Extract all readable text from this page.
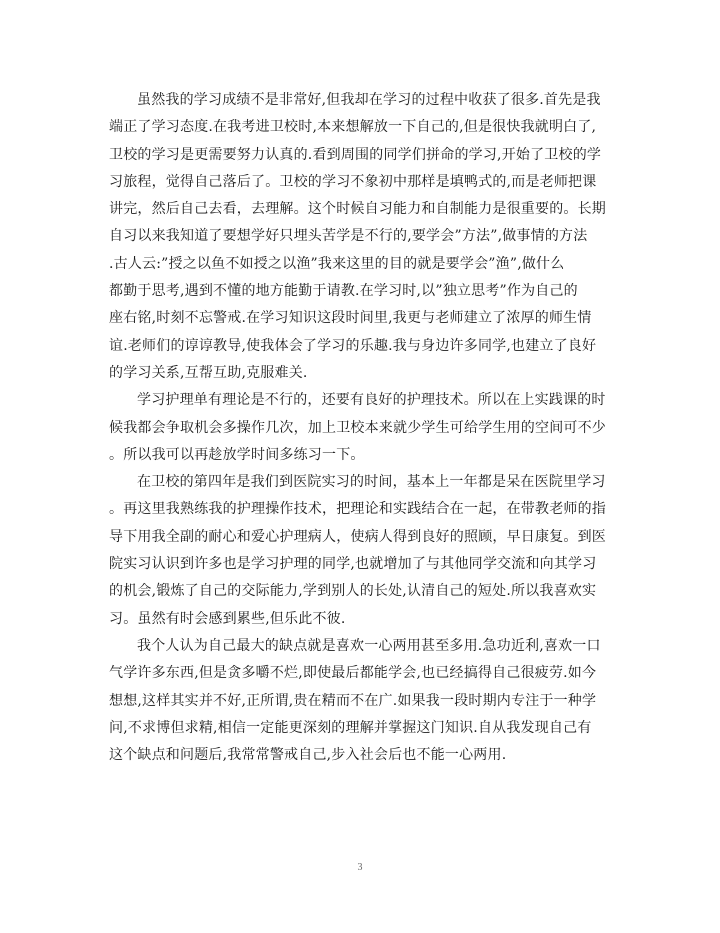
虽然我的学习成绩不是非常好,但我却在学习的过程中收获了很多.首先是我
端正了学习态度.在我考进卫校时,本来想解放一下自己的,但是很快我就明白了,
卫校的学习是更需要努力认真的.看到周围的同学们拼命的学习,开始了卫校的学
习旅程，觉得自己落后了。卫校的学习不象初中那样是填鸭式的,而是老师把课
讲完，然后自己去看，去理解。这个时候自习能力和自制能力是很重要的。长期
自习以来我知道了要想学好只埋头苦学是不行的,要学会”方法”,做事情的方法
.古人云:”授之以鱼不如授之以渔”我来这里的目的就是要学会”渔”,做什么
都勤于思考,遇到不懂的地方能勤于请教.在学习时,以”独立思考”作为自己的
座右铭,时刻不忘警戒.在学习知识这段时间里,我更与老师建立了浓厚的师生情
谊.老师们的谆谆教导,使我体会了学习的乐趣.我与身边许多同学,也建立了良好
的学习关系,互帮互助,克服难关.
学习护理单有理论是不行的，还要有良好的护理技术。所以在上实践课的时
候我都会争取机会多操作几次，加上卫校本来就少学生可给学生用的空间可不少
。所以我可以再趁放学时间多练习一下。
在卫校的第四年是我们到医院实习的时间，基本上一年都是呆在医院里学习
。再这里我熟练我的护理操作技术，把理论和实践结合在一起，在带教老师的指
导下用我全副的耐心和爱心护理病人，使病人得到良好的照顾，早日康复。到医
院实习认识到许多也是学习护理的同学,也就增加了与其他同学交流和向其学习
的机会,锻炼了自己的交际能力,学到别人的长处,认清自己的短处.所以我喜欢实
习。虽然有时会感到累些,但乐此不彼.
我个人认为自己最大的缺点就是喜欢一心两用甚至多用.急功近利,喜欢一口
气学许多东西,但是贪多嚼不烂,即使最后都能学会,也已经搞得自己很疲劳.如今
想想,这样其实并不好,正所谓,贵在精而不在广.如果我一段时期内专注于一种学
问,不求博但求精,相信一定能更深刻的理解并掌握这门知识.自从我发现自己有
这个缺点和问题后,我常常警戒自己,步入社会后也不能一心两用.
3
